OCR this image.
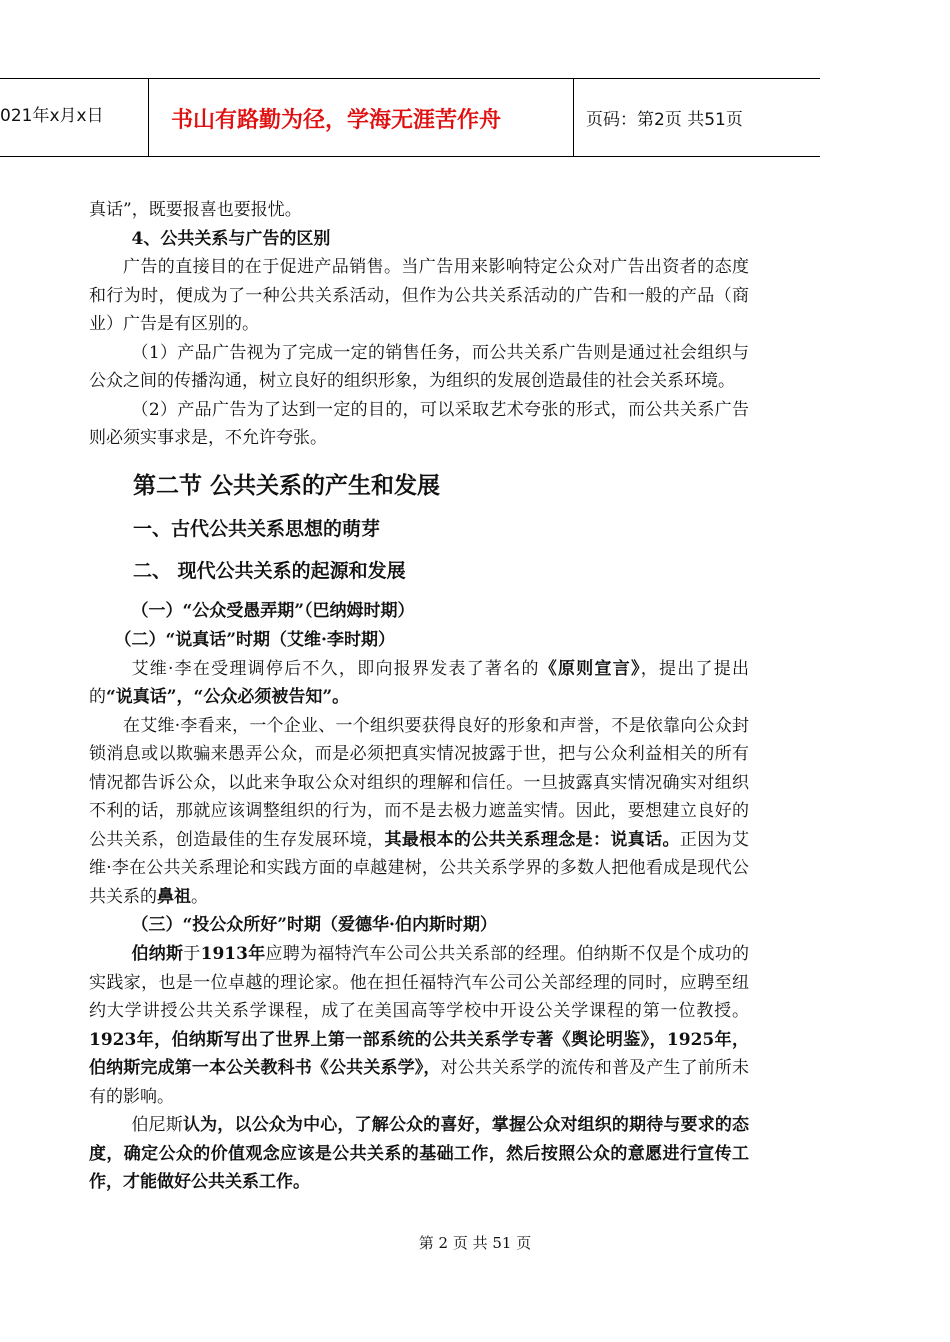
021年x月x日	书山有路勤为径，学海无涯苦作舟	页码：第2页 共51页

真话”，既要报喜也要报忧。

4、公共关系与广告的区别

广告的直接目的在于促进产品销售。当广告用来影响特定公众对广告出资者的态度和行为时，便成为了一种公共关系活动，但作为公共关系活动的广告和一般的产品（商业）广告是有区别的。

（1）产品广告视为了完成一定的销售任务，而公共关系广告则是通过社会组织与公众之间的传播沟通，树立良好的组织形象，为组织的发展创造最佳的社会关系环境。

（2）产品广告为了达到一定的目的，可以采取艺术夸张的形式，而公共关系广告则必须实事求是，不允许夸张。

第二节 公共关系的产生和发展
一、古代公共关系思想的萌芽
二、 现代公共关系的起源和发展

（一）“公众受愚弄期”（巴纳姆时期）

（二）“说真话”时期（艾维·李时期）

艾维·李在受理调停后不久，即向报界发表了著名的《原则宣言》，提出了提出的“说真话”，“公众必须被告知”。

在艾维·李看来，一个企业、一个组织要获得良好的形象和声誉，不是依靠向公众封锁消息或以欺骗来愚弄公众，而是必须把真实情况披露于世，把与公众利益相关的所有情况都告诉公众，以此来争取公众对组织的理解和信任。一旦披露真实情况确实对组织不利的话，那就应该调整组织的行为，而不是去极力遮盖实情。因此，要想建立良好的公共关系，创造最佳的生存发展环境，其最根本的公共关系理念是：说真话。正因为艾维·李在公共关系理论和实践方面的卓越建树，公共关系学界的多数人把他看成是现代公共关系的鼻祖。

（三）“投公众所好”时期（爱德华·伯内斯时期）

伯纳斯于1913年应聘为福特汽车公司公共关系部的经理。伯纳斯不仅是个成功的实践家，也是一位卓越的理论家。他在担任福特汽车公司公关部经理的同时，应聘至纽约大学讲授公共关系学课程，成了在美国高等学校中开设公关学课程的第一位教授。1923年，伯纳斯写出了世界上第一部系统的公共关系学专著《舆论明鉴》，1925年，伯纳斯完成第一本公关教科书《公共关系学》，对公共关系学的流传和普及产生了前所未有的影响。

伯尼斯认为，以公众为中心，了解公众的喜好，掌握公众对组织的期待与要求的态度，确定公众的价值观念应该是公共关系的基础工作，然后按照公众的意愿进行宣传工作，才能做好公共关系工作。

第 2 页 共 51 页
